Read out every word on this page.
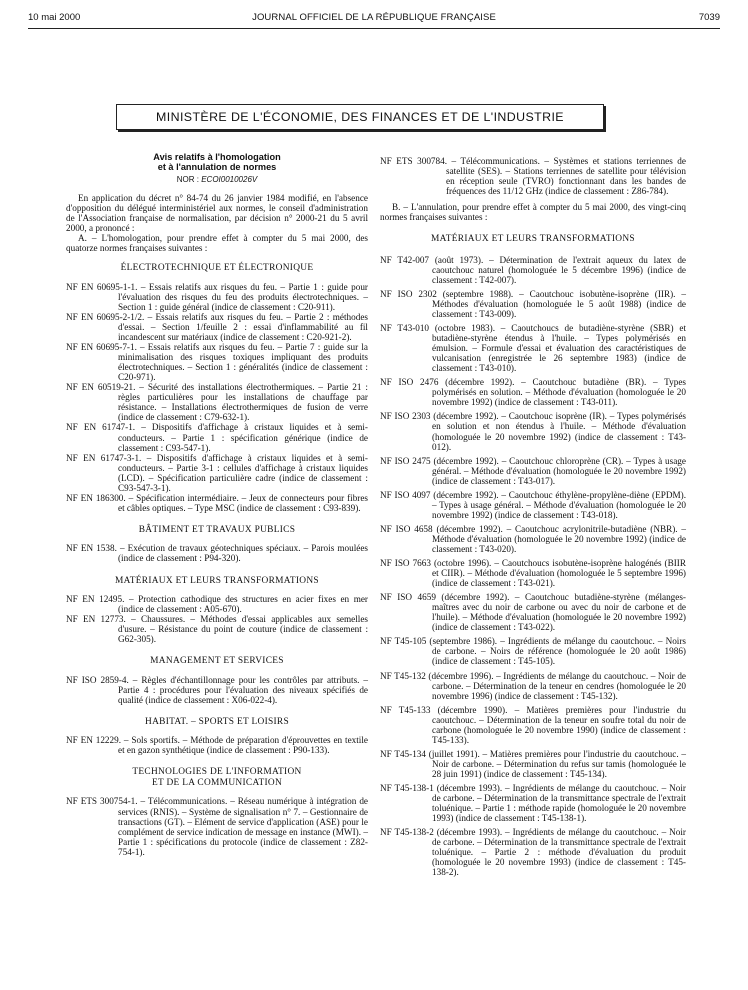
10 mai 2000	JOURNAL OFFICIEL DE LA RÉPUBLIQUE FRANÇAISE	7039
MINISTÈRE DE L'ÉCONOMIE, DES FINANCES ET DE L'INDUSTRIE
Avis relatifs à l'homologation
et à l'annulation de normes
NOR : ECOI0010026V

En application du décret n° 84-74 du 26 janvier 1984 modifié, en l'absence d'opposition du délégué interministériel aux normes, le conseil d'administration de l'Association française de normalisation, par décision n° 2000-21 du 5 avril 2000, a prononcé :

A. – L'homologation, pour prendre effet à compter du 5 mai 2000, des quatorze normes françaises suivantes :

ÉLECTROTECHNIQUE ET ÉLECTRONIQUE
NF EN 60695-1-1. – Essais relatifs aux risques du feu. – Partie 1 : guide pour l'évaluation des risques du feu des produits électrotechniques. – Section 1 : guide général (indice de classement : C20-911).
NF EN 60695-2-1/2. – Essais relatifs aux risques du feu. – Partie 2 : méthodes d'essai. – Section 1/feuille 2 : essai d'inflammabilité au fil incandescent sur matériaux (indice de classement : C20-921-2).
NF EN 60695-7-1. – Essais relatifs aux risques du feu. – Partie 7 : guide sur la minimalisation des risques toxiques impliquant des produits électrotechniques. – Section 1 : généralités (indice de classement : C20-971).
NF EN 60519-21. – Sécurité des installations électrothermiques. – Partie 21 : règles particulières pour les installations de chauffage par résistance. – Installations électrothermiques de fusion de verre (indice de classement : C79-632-1).
NF EN 61747-1. – Dispositifs d'affichage à cristaux liquides et à semi-conducteurs. – Partie 1 : spécification générique (indice de classement : C93-547-1).
NF EN 61747-3-1. – Dispositifs d'affichage à cristaux liquides et à semi-conducteurs. – Partie 3-1 : cellules d'affichage à cristaux liquides (LCD). – Spécification particulière cadre (indice de classement : C93-547-3-1).
NF EN 186300. – Spécification intermédiaire. – Jeux de connecteurs pour fibres et câbles optiques. – Type MSC (indice de classement : C93-839).
BÂTIMENT ET TRAVAUX PUBLICS
NF EN 1538. – Exécution de travaux géotechniques spéciaux. – Parois moulées (indice de classement : P94-320).
MATÉRIAUX ET LEURS TRANSFORMATIONS
NF EN 12495. – Protection cathodique des structures en acier fixes en mer (indice de classement : A05-670).
NF EN 12773. – Chaussures. – Méthodes d'essai applicables aux semelles d'usure. – Résistance du point de couture (indice de classement : G62-305).
MANAGEMENT ET SERVICES
NF ISO 2859-4. – Règles d'échantillonnage pour les contrôles par attributs. – Partie 4 : procédures pour l'évaluation des niveaux spécifiés de qualité (indice de classement : X06-022-4).
HABITAT. – SPORTS ET LOISIRS
NF EN 12229. – Sols sportifs. – Méthode de préparation d'éprouvettes en textile et en gazon synthétique (indice de classement : P90-133).
TECHNOLOGIES DE L'INFORMATION
ET DE LA COMMUNICATION
NF ETS 300754-1. – Télécommunications. – Réseau numérique à intégration de services (RNIS). – Système de signalisation n° 7. – Gestionnaire de transactions (GT). – Elément de service d'application (ASE) pour le complément de service indication de message en instance (MWI). – Partie 1 : spécifications du protocole (indice de classement : Z82-754-1).
NF ETS 300784. – Télécommunications. – Systèmes et stations terriennes de satellite (SES). – Stations terriennes de satellite pour télévision en réception seule (TVRO) fonctionnant dans les bandes de fréquences des 11/12 GHz (indice de classement : Z86-784).

B. – L'annulation, pour prendre effet à compter du 5 mai 2000, des vingt-cinq normes françaises suivantes :

MATÉRIAUX ET LEURS TRANSFORMATIONS
NF T42-007 (août 1973). – Détermination de l'extrait aqueux du latex de caoutchouc naturel (homologuée le 5 décembre 1996) (indice de classement : T42-007).
NF ISO 2302 (septembre 1988). – Caoutchouc isobutène-isoprène (IIR). – Méthodes d'évaluation (homologuée le 5 août 1988) (indice de classement : T43-009).
NF T43-010 (octobre 1983). – Caoutchoucs de butadiène-styrène (SBR) et butadiène-styrène étendus à l'huile. – Types polymérisés en émulsion. – Formule d'essai et évaluation des caractéristiques de vulcanisation (enregistrée le 26 septembre 1983) (indice de classement : T43-010).
NF ISO 2476 (décembre 1992). – Caoutchouc butadiène (BR). – Types polymérisés en solution. – Méthode d'évaluation (homologuée le 20 novembre 1992) (indice de classement : T43-011).
NF ISO 2303 (décembre 1992). – Caoutchouc isoprène (IR). – Types polymérisés en solution et non étendus à l'huile. – Méthode d'évaluation (homologuée le 20 novembre 1992) (indice de classement : T43-012).
NF ISO 2475 (décembre 1992). – Caoutchouc chloroprène (CR). – Types à usage général. – Méthode d'évaluation (homologuée le 20 novembre 1992) (indice de classement : T43-017).
NF ISO 4097 (décembre 1992). – Caoutchouc éthylène-propylène-diène (EPDM). – Types à usage général. – Méthode d'évaluation (homologuée le 20 novembre 1992) (indice de classement : T43-018).
NF ISO 4658 (décembre 1992). – Caoutchouc acrylonitrile-butadiène (NBR). – Méthode d'évaluation (homologuée le 20 novembre 1992) (indice de classement : T43-020).
NF ISO 7663 (octobre 1996). – Caoutchoucs isobutène-isoprène halogénés (BIIR et CIIR). – Méthode d'évaluation (homologuée le 5 septembre 1996) (indice de classement : T43-021).
NF ISO 4659 (décembre 1992). – Caoutchouc butadiène-styrène (mélanges-maîtres avec du noir de carbone ou avec du noir de carbone et de l'huile). – Méthode d'évaluation (homologuée le 20 novembre 1992) (indice de classement : T43-022).
NF T45-105 (septembre 1986). – Ingrédients de mélange du caoutchouc. – Noirs de carbone. – Noirs de référence (homologuée le 20 août 1986) (indice de classement : T45-105).
NF T45-132 (décembre 1996). – Ingrédients de mélange du caoutchouc. – Noir de carbone. – Détermination de la teneur en cendres (homologuée le 20 novembre 1996) (indice de classement : T45-132).
NF T45-133 (décembre 1990). – Matières premières pour l'industrie du caoutchouc. – Détermination de la teneur en soufre total du noir de carbone (homologuée le 20 novembre 1990) (indice de classement : T45-133).
NF T45-134 (juillet 1991). – Matières premières pour l'industrie du caoutchouc. – Noir de carbone. – Détermination du refus sur tamis (homologuée le 28 juin 1991) (indice de classement : T45-134).
NF T45-138-1 (décembre 1993). – Ingrédients de mélange du caoutchouc. – Noir de carbone. – Détermination de la transmittance spectrale de l'extrait toluénique. – Partie 1 : méthode rapide (homologuée le 20 novembre 1993) (indice de classement : T45-138-1).
NF T45-138-2 (décembre 1993). – Ingrédients de mélange du caoutchouc. – Noir de carbone. – Détermination de la transmittance spectrale de l'extrait toluénique. – Partie 2 : méthode d'évaluation du produit (homologuée le 20 novembre 1993) (indice de classement : T45-138-2).
